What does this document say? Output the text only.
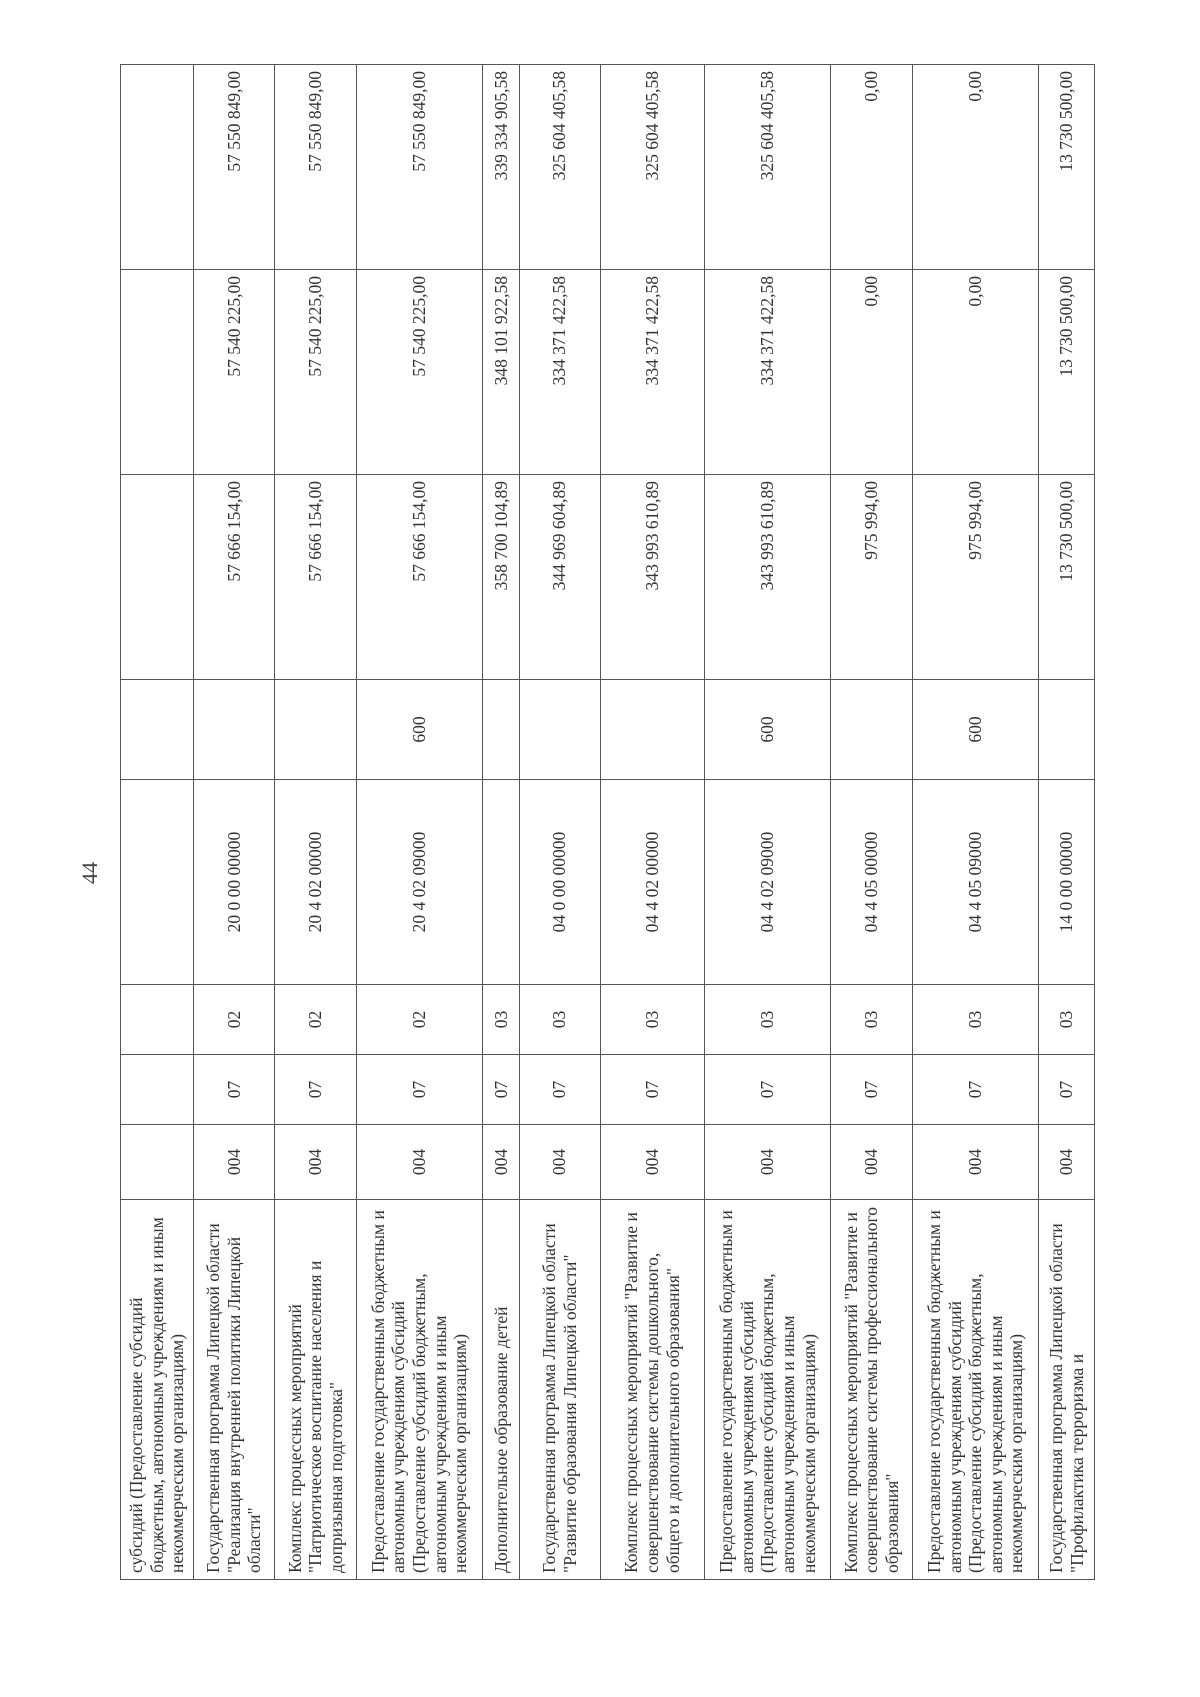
44
субсидий (Предоставление субсидий бюджетным, автономным учреждениям и иным некоммерческим организациям)								
Государственная программа Липецкой области "Реализация внутренней политики Липецкой области"	004	07	02	20 0 00 00000		57 666 154,00	57 540 225,00	57 550 849,00
Комплекс процессных мероприятий "Патриотическое воспитание населения и допризывная подготовка"	004	07	02	20 4 02 00000		57 666 154,00	57 540 225,00	57 550 849,00
Предоставление государственным бюджетным и автономным учреждениям субсидий (Предоставление субсидий бюджетным, автономным учреждениям и иным некоммерческим организациям)	004	07	02	20 4 02 09000	600	57 666 154,00	57 540 225,00	57 550 849,00
Дополнительное образование детей	004	07	03			358 700 104,89	348 101 922,58	339 334 905,58
Государственная программа Липецкой области "Развитие образования Липецкой области"	004	07	03	04 0 00 00000		344 969 604,89	334 371 422,58	325 604 405,58
Комплекс процессных мероприятий "Развитие и совершенствование системы дошкольного, общего и дополнительного образования"	004	07	03	04 4 02 00000		343 993 610,89	334 371 422,58	325 604 405,58
Предоставление государственным бюджетным и автономным учреждениям субсидий (Предоставление субсидий бюджетным, автономным учреждениям и иным некоммерческим организациям)	004	07	03	04 4 02 09000	600	343 993 610,89	334 371 422,58	325 604 405,58
Комплекс процессных мероприятий "Развитие и совершенствование системы профессионального образования"	004	07	03	04 4 05 00000		975 994,00	0,00	0,00
Предоставление государственным бюджетным и автономным учреждениям субсидий (Предоставление субсидий бюджетным, автономным учреждениям и иным некоммерческим организациям)	004	07	03	04 4 05 09000	600	975 994,00	0,00	0,00
Государственная программа Липецкой области "Профилактика терроризма и	004	07	03	14 0 00 00000		13 730 500,00	13 730 500,00	13 730 500,00
